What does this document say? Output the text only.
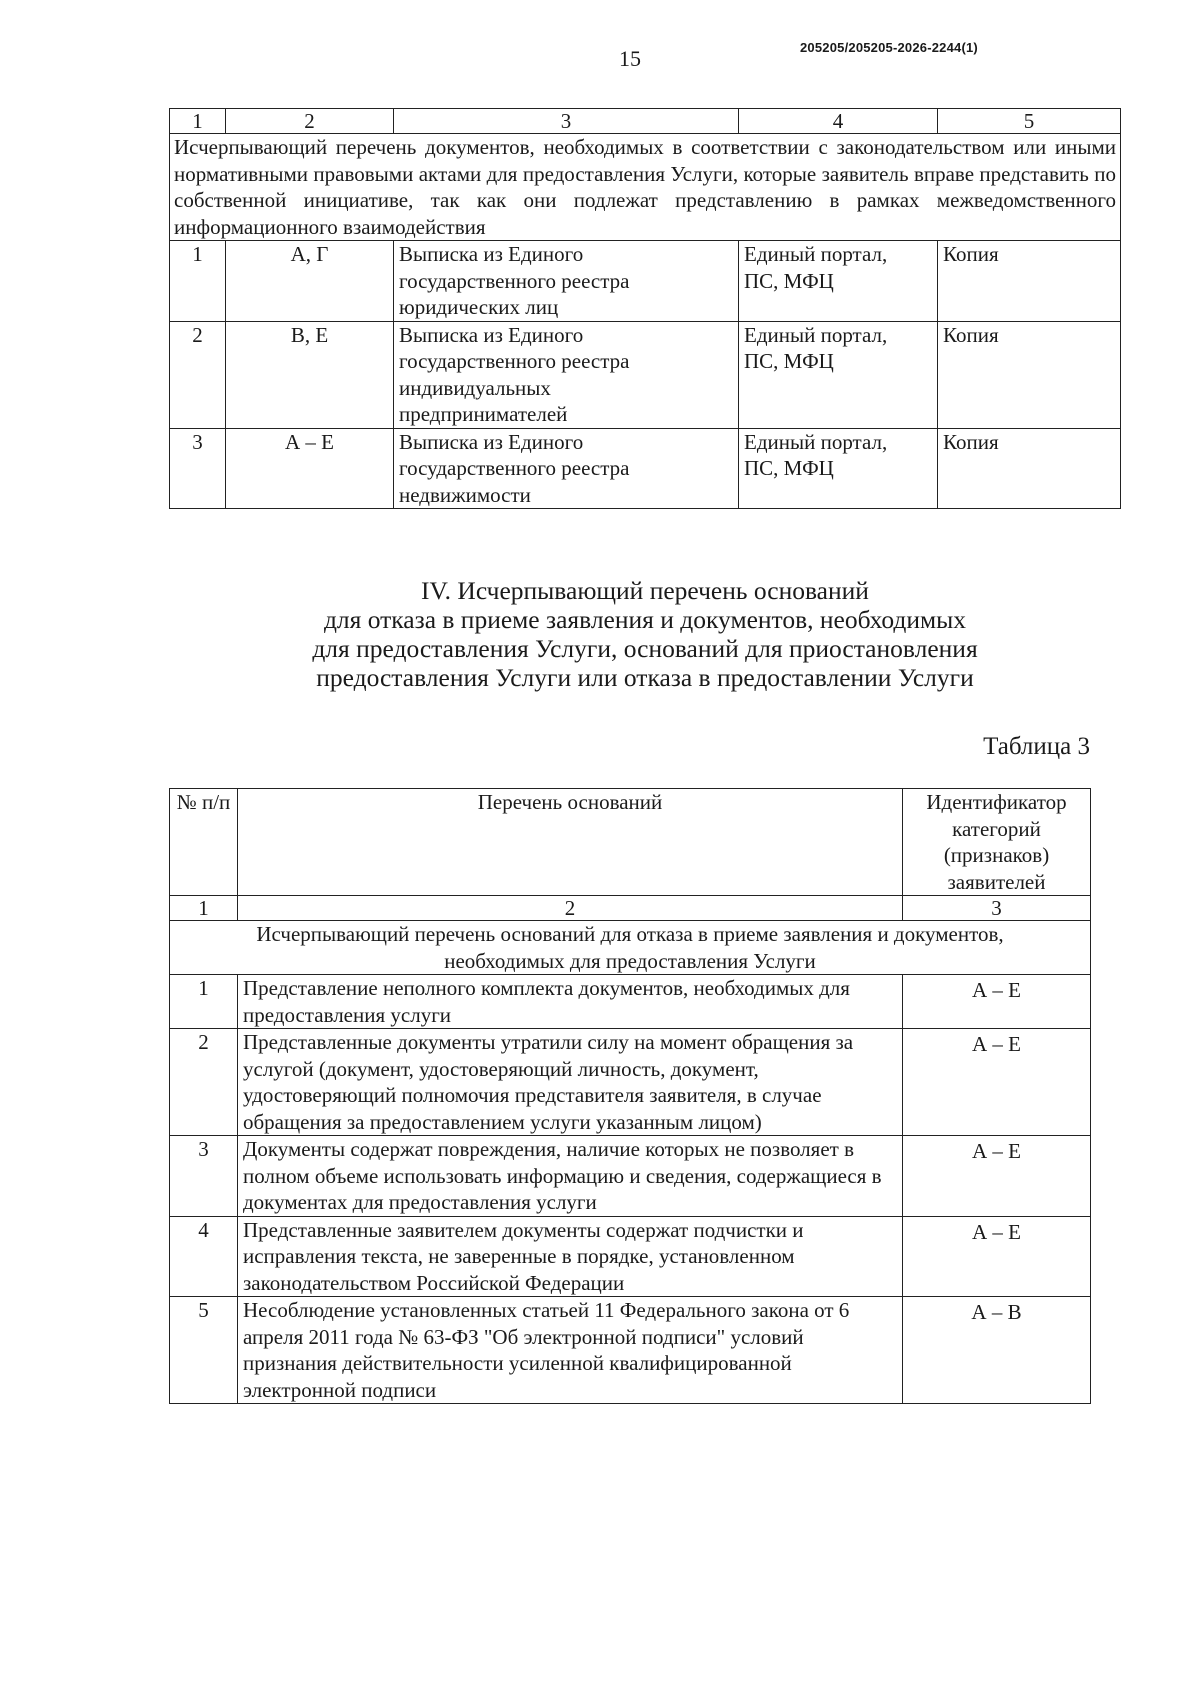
15	205205/205205-2026-2244(1)
1	2	3	4	5
Исчерпывающий перечень документов, необходимых в соответствии с законодательством или иными нормативными правовыми актами для предоставления Услуги, которые заявитель вправе представить по собственной инициативе, так как они подлежат представлению в рамках межведомственного информационного взаимодействия				
1	А, Г	Выписка из Единого государственного реестра юридических лиц	Единый портал, ПС, МФЦ	Копия
2	В, Е	Выписка из Единого государственного реестра индивидуальных предпринимателей	Единый портал, ПС, МФЦ	Копия
3	А – Е	Выписка из Единого государственного реестра недвижимости	Единый портал, ПС, МФЦ	Копия
IV. Исчерпывающий перечень оснований
для отказа в приеме заявления и документов, необходимых
для предоставления Услуги, оснований для приостановления
предоставления Услуги или отказа в предоставлении Услуги
Таблица 3
№ п/п	Перечень оснований	Идентификатор категорий (признаков) заявителей
1	2	3
Исчерпывающий перечень оснований для отказа в приеме заявления и документов, необходимых для предоставления Услуги		
1	Представление неполного комплекта документов, необходимых для предоставления услуги	А – Е
2	Представленные документы утратили силу на момент обращения за услугой (документ, удостоверяющий личность, документ, удостоверяющий полномочия представителя заявителя, в случае обращения за предоставлением услуги указанным лицом)	А – Е
3	Документы содержат повреждения, наличие которых не позволяет в полном объеме использовать информацию и сведения, содержащиеся в документах для предоставления услуги	А – Е
4	Представленные заявителем документы содержат подчистки и исправления текста, не заверенные в порядке, установленном законодательством Российской Федерации	А – Е
5	Несоблюдение установленных статьей 11 Федерального закона от 6 апреля 2011 года № 63-ФЗ "Об электронной подписи" условий признания действительности усиленной квалифицированной электронной подписи	А – В
